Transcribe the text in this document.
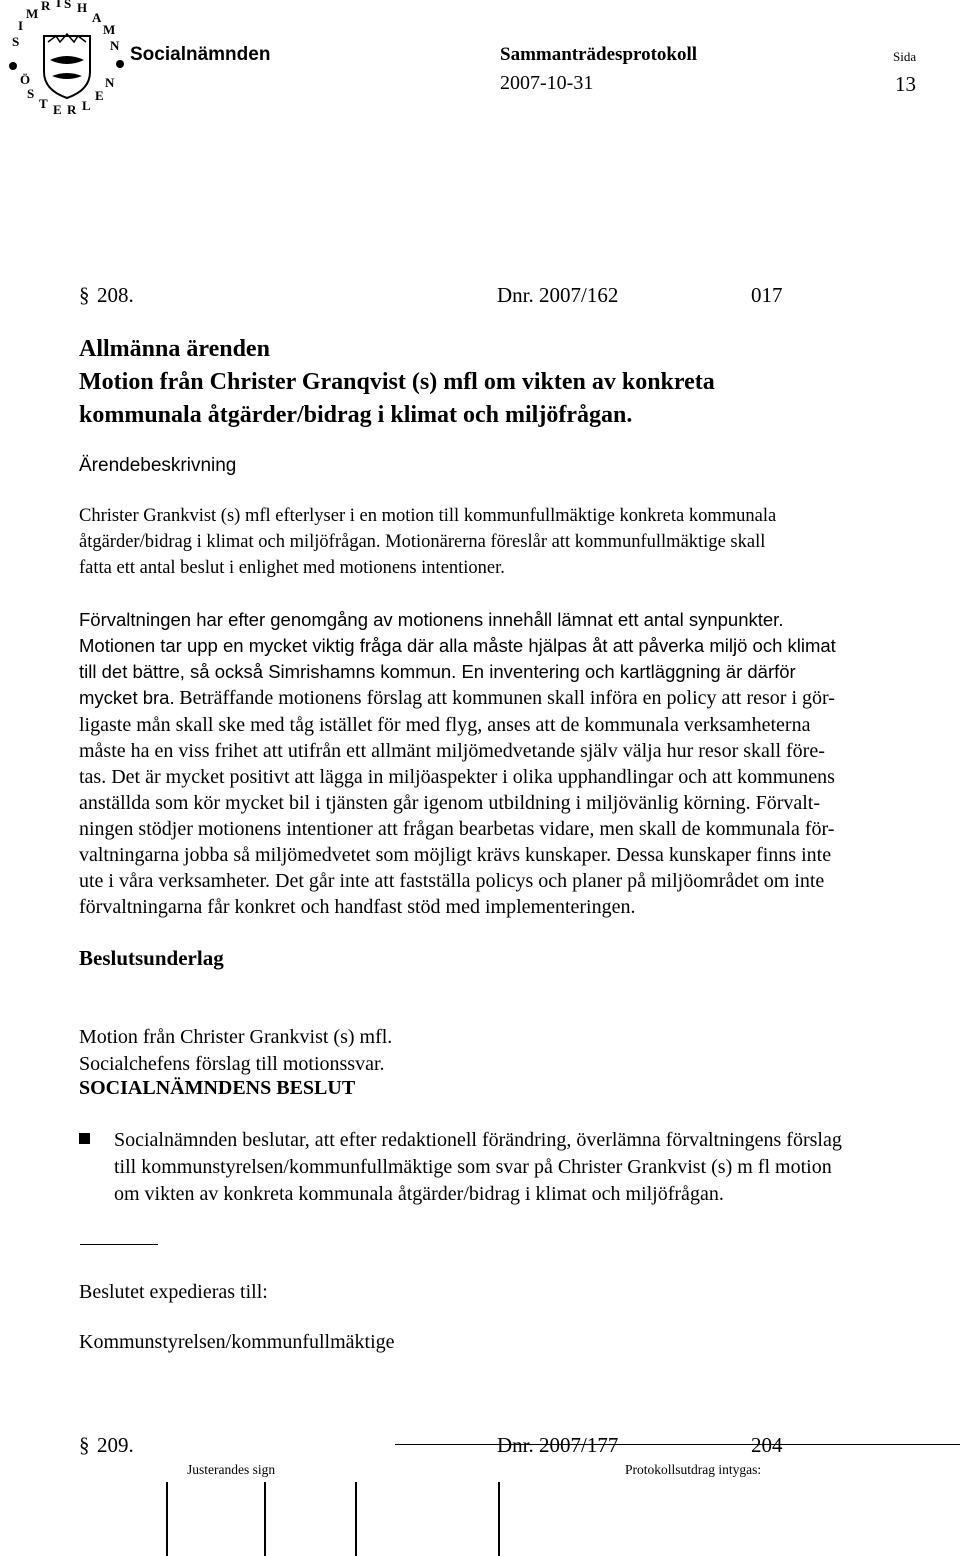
S
I
M
R I S H
A
M
N
Ö
S
T E R L
E
N
Socialnämnden	Sammanträdesprotokoll
2007-10-31
Sida
13
§ 208.	Dnr. 2007/162	017
Allmänna ärenden
Motion från Christer Granqvist (s) mfl om vikten av konkreta
kommunala åtgärder/bidrag i klimat och miljöfrågan.
Ärendebeskrivning

Christer Grankvist (s) mfl efterlyser i en motion till kommunfullmäktige konkreta kommunala
åtgärder/bidrag i klimat och miljöfrågan. Motionärerna föreslår att kommunfullmäktige skall
fatta ett antal beslut i enlighet med motionens intentioner.

Förvaltningen har efter genomgång av motionens innehåll lämnat ett antal synpunkter.
Motionen tar upp en mycket viktig fråga där alla måste hjälpas åt att påverka miljö och klimat
till det bättre, så också Simrishamns kommun. En inventering och kartläggning är därför
mycket bra. Beträffande motionens förslag att kommunen skall införa en policy att resor i gör-
ligaste mån skall ske med tåg istället för med flyg, anses att de kommunala verksamheterna
måste ha en viss frihet att utifrån ett allmänt miljömedvetande själv välja hur resor skall före-
tas. Det är mycket positivt att lägga in miljöaspekter i olika upphandlingar och att kommunens
anställda som kör mycket bil i tjänsten går igenom utbildning i miljövänlig körning. Förvalt-
ningen stödjer motionens intentioner att frågan bearbetas vidare, men skall de kommunala för-
valtningarna jobba så miljömedvetet som möjligt krävs kunskaper. Dessa kunskaper finns inte
ute i våra verksamheter. Det går inte att fastställa policys och planer på miljöområdet om inte
förvaltningarna får konkret och handfast stöd med implementeringen.

Beslutsunderlag

Motion från Christer Grankvist (s) mfl.
Socialchefens förslag till motionssvar.

SOCIALNÄMNDENS BESLUT

Socialnämnden beslutar, att efter redaktionell förändring, överlämna förvaltningens förslag
till kommunstyrelsen/kommunfullmäktige som svar på Christer Grankvist (s) m fl motion
om vikten av konkreta kommunala åtgärder/bidrag i klimat och miljöfrågan.

Beslutet expedieras till:
Kommunstyrelsen/kommunfullmäktige
§ 209.	Dnr. 2007/177	204
Justerandes sign	Protokollsutdrag intygas:
